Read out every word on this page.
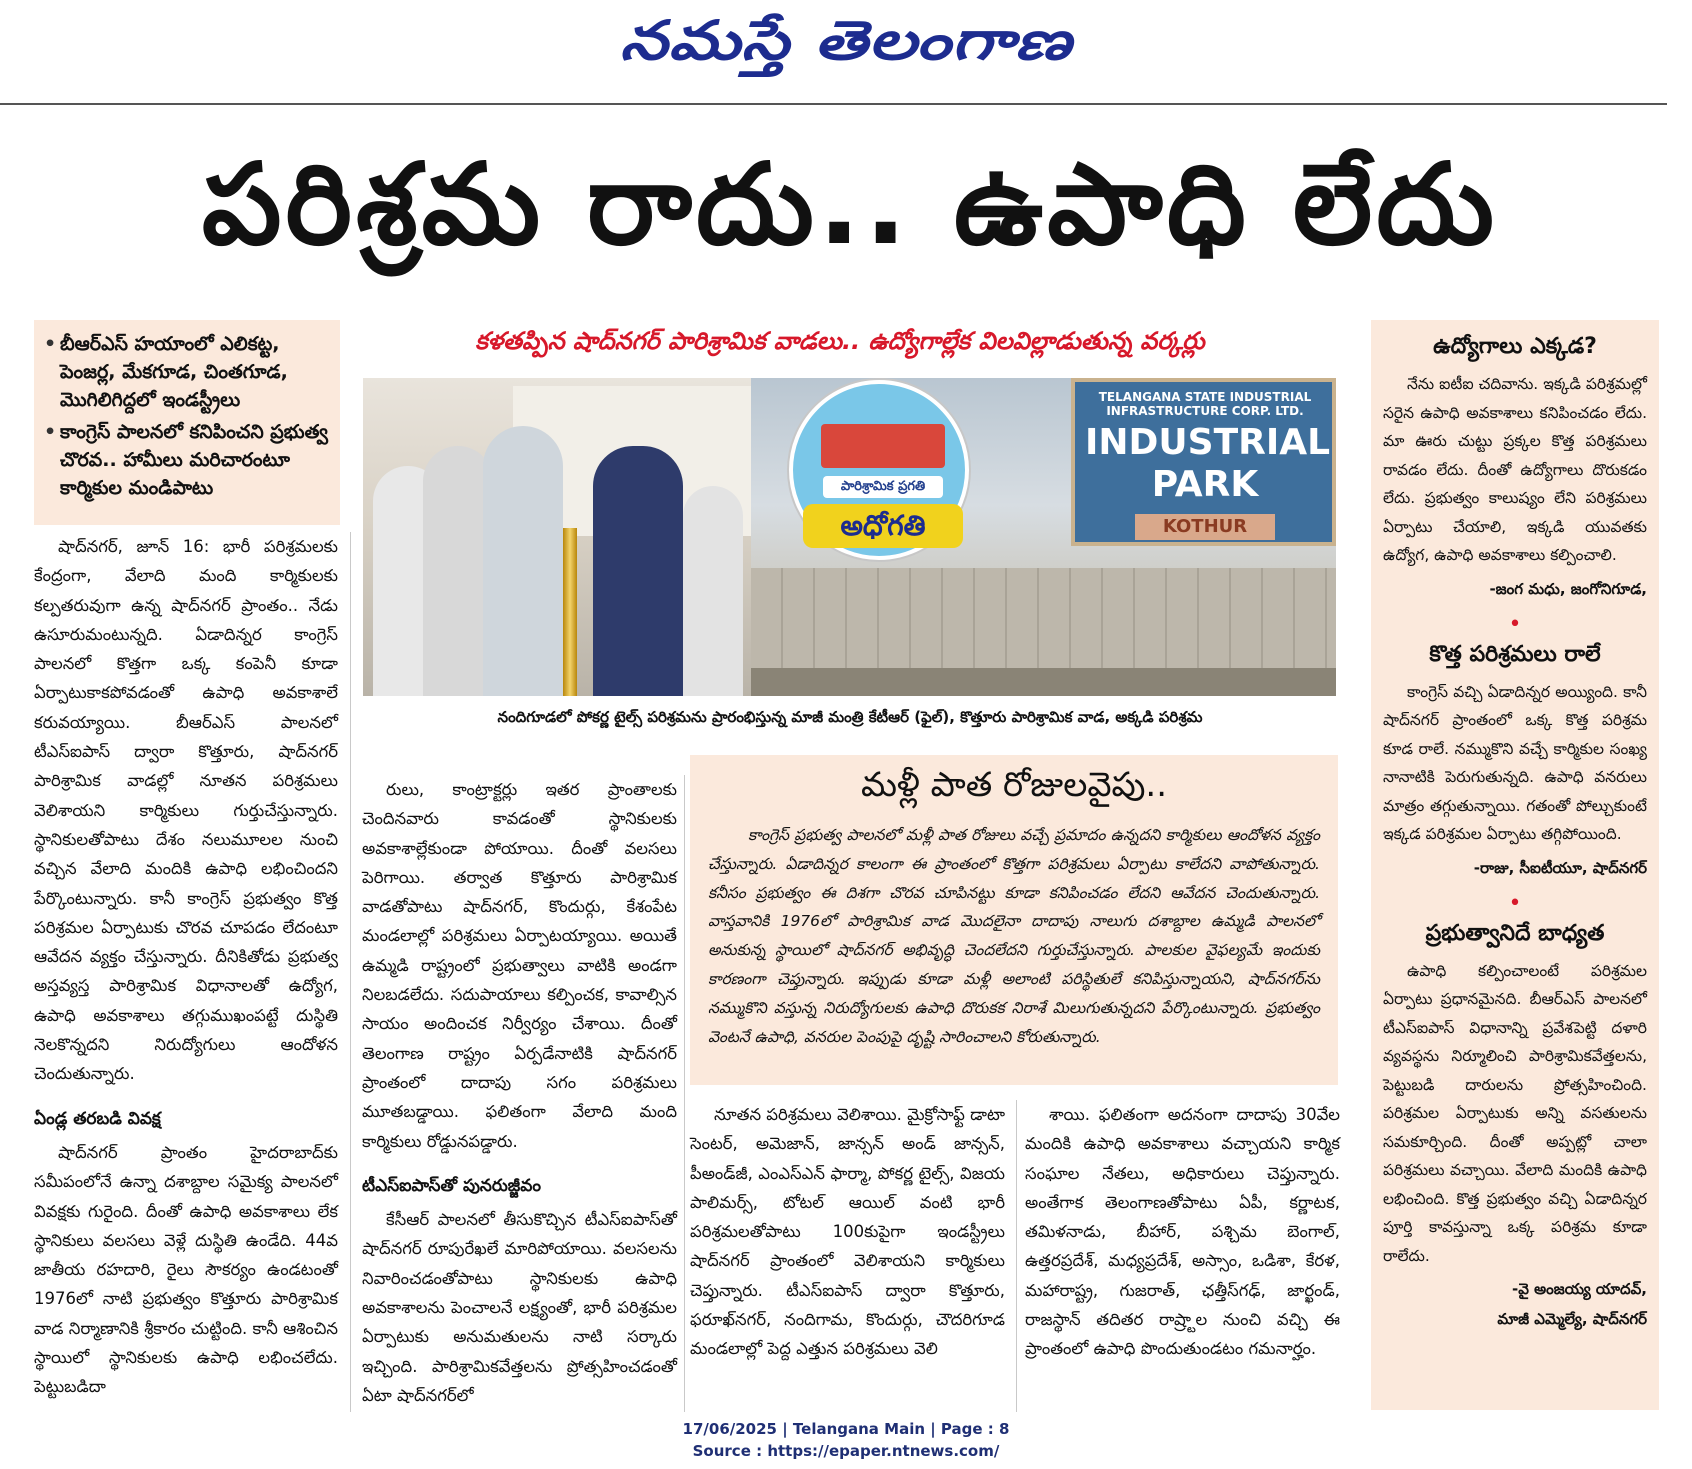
నమస్తే తెలంగాణ
పరిశ్రమ రాదు.. ఉపాధి లేదు
• బీఆర్ఎస్ హయాంలో ఎలికట్ట, పెంజర్ల, మేకగూడ, చింతగూడ, మొగిలిగిద్దలో ఇండస్ట్రీలు
• కాంగ్రెస్ పాలనలో కనిపించని ప్రభుత్వ చొరవ.. హామీలు మరిచారంటూ కార్మికుల మండిపాటు
కళతప్పిన షాద్‌నగర్ పారిశ్రామిక వాడలు.. ఉద్యోగాల్లేక విలవిల్లాడుతున్న వర్కర్లు
TELANGANA STATE INDUSTRIAL INFRASTRUCTURE CORP. LTD.
INDUSTRIAL PARK
KOTHUR
పారిశ్రామిక ప్రగతి
అధోగతి
నందిగూడలో పోకర్ణ టైల్స్ పరిశ్రమను ప్రారంభిస్తున్న మాజీ మంత్రి కేటీఆర్ (ఫైల్), కొత్తూరు పారిశ్రామిక వాడ, అక్కడి పరిశ్రమ

షాద్‌నగర్, జూన్ 16: భారీ పరిశ్రమలకు కేంద్రంగా, వేలాది మంది కార్మికులకు కల్పతరువుగా ఉన్న షాద్‌నగర్ ప్రాంతం.. నేడు ఉసూరుమంటున్నది. ఏడాదిన్నర కాంగ్రెస్ పాలనలో కొత్తగా ఒక్క కంపెనీ కూడా ఏర్పాటుకాకపోవడంతో ఉపాధి అవకాశాలే కరువయ్యాయి. బీఆర్ఎస్ పాలనలో టీఎస్ఐపాస్ ద్వారా కొత్తూరు, షాద్‌నగర్ పారిశ్రామిక వాడల్లో నూతన పరిశ్రమలు వెలిశాయని కార్మికులు గుర్తుచేస్తున్నారు. స్థానికులతోపాటు దేశం నలుమూలల నుంచి వచ్చిన వేలాది మందికి ఉపాధి లభించిందని పేర్కొంటున్నారు. కానీ కాంగ్రెస్ ప్రభుత్వం కొత్త పరిశ్రమల ఏర్పాటుకు చొరవ చూపడం లేదంటూ ఆవేదన వ్యక్తం చేస్తున్నారు. దీనికితోడు ప్రభుత్వ అస్తవ్యస్త పారిశ్రామిక విధానాలతో ఉద్యోగ, ఉపాధి అవకాశాలు తగ్గుముఖంపట్టే దుస్థితి నెలకొన్నదని నిరుద్యోగులు ఆందోళన చెందుతున్నారు.

ఏండ్ల తరబడి వివక్ష

షాద్‌నగర్ ప్రాంతం హైదరాబాద్‌కు సమీపంలోనే ఉన్నా దశాబ్దాల సమైక్య పాలనలో వివక్షకు గురైంది. దీంతో ఉపాధి అవకాశాలు లేక స్థానికులు వలసలు వెళ్లే దుస్థితి ఉండేది. 44వ జాతీయ రహదారి, రైలు సౌకర్యం ఉండటంతో 1976లో నాటి ప్రభుత్వం కొత్తూరు పారిశ్రామిక వాడ నిర్మాణానికి శ్రీకారం చుట్టింది. కానీ ఆశించిన స్థాయిలో స్థానికులకు ఉపాధి లభించలేదు. పెట్టుబడిదా

రులు, కాంట్రాక్టర్లు ఇతర ప్రాంతాలకు చెందినవారు కావడంతో స్థానికులకు అవకాశాల్లేకుండా పోయాయి. దీంతో వలసలు పెరిగాయి. తర్వాత కొత్తూరు పారిశ్రామిక వాడతోపాటు షాద్‌నగర్, కొందుర్గు, కేశంపేట మండలాల్లో పరిశ్రమలు ఏర్పాటయ్యాయి. అయితే ఉమ్మడి రాష్ట్రంలో ప్రభుత్వాలు వాటికి అండగా నిలబడలేదు. సదుపాయాలు కల్పించక, కావాల్సిన సాయం అందించక నిర్వీర్యం చేశాయి. దీంతో తెలంగాణ రాష్ట్రం ఏర్పడేనాటికి షాద్‌నగర్ ప్రాంతంలో దాదాపు సగం పరిశ్రమలు మూతబడ్డాయి. ఫలితంగా వేలాది మంది కార్మికులు రోడ్డునపడ్డారు.

టీఎస్ఐపాస్‌తో పునరుజ్జీవం

కేసీఆర్ పాలనలో తీసుకొచ్చిన టీఎస్ఐపాస్‌తో షాద్‌నగర్ రూపురేఖలే మారిపోయాయి. వలసలను నివారించడంతోపాటు స్థానికులకు ఉపాధి అవకాశాలను పెంచాలనే లక్ష్యంతో, భారీ పరిశ్రమల ఏర్పాటుకు అనుమతులను నాటి సర్కారు ఇచ్చింది. పారిశ్రామికవేత్తలను ప్రోత్సహించడంతో ఏటా షాద్‌నగర్‌లో

మళ్లీ పాత రోజులవైపు..

కాంగ్రెస్ ప్రభుత్వ పాలనలో మళ్లీ పాత రోజులు వచ్చే ప్రమాదం ఉన్నదని కార్మికులు ఆందోళన వ్యక్తం చేస్తున్నారు. ఏడాదిన్నర కాలంగా ఈ ప్రాంతంలో కొత్తగా పరిశ్రమలు ఏర్పాటు కాలేదని వాపోతున్నారు. కనీసం ప్రభుత్వం ఈ దిశగా చొరవ చూపినట్టు కూడా కనిపించడం లేదని ఆవేదన చెందుతున్నారు. వాస్తవానికి 1976లో పారిశ్రామిక వాడ మొదలైనా దాదాపు నాలుగు దశాబ్దాల ఉమ్మడి పాలనలో అనుకున్న స్థాయిలో షాద్‌నగర్ అభివృద్ధి చెందలేదని గుర్తుచేస్తున్నారు. పాలకుల వైఫల్యమే ఇందుకు కారణంగా చెప్తున్నారు. ఇప్పుడు కూడా మళ్లీ అలాంటి పరిస్థితులే కనిపిస్తున్నాయని, షాద్‌నగర్‌ను నమ్ముకొని వస్తున్న నిరుద్యోగులకు ఉపాధి దొరుకక నిరాశే మిలుగుతున్నదని పేర్కొంటున్నారు. ప్రభుత్వం వెంటనే ఉపాధి, వనరుల పెంపుపై దృష్టి సారించాలని కోరుతున్నారు.

నూతన పరిశ్రమలు వెలిశాయి. మైక్రోసాఫ్ట్ డాటా సెంటర్, అమెజాన్, జాన్సన్ అండ్ జాన్సన్, పీఅండ్‌జీ, ఎంఎస్ఎన్ ఫార్మా, పోకర్ణ టైల్స్, విజయ పాలిమర్స్, టోటల్ ఆయిల్ వంటి భారీ పరిశ్రమలతోపాటు 100కుపైగా ఇండస్ట్రీలు షాద్‌నగర్ ప్రాంతంలో వెలిశాయని కార్మికులు చెప్తున్నారు. టీఎస్ఐపాస్ ద్వారా కొత్తూరు, ఫరూఖ్‌నగర్, నందిగామ, కొందుర్గు, చౌదరిగూడ మండలాల్లో పెద్ద ఎత్తున పరిశ్రమలు వెలి

శాయి. ఫలితంగా అదనంగా దాదాపు 30వేల మందికి ఉపాధి అవకాశాలు వచ్చాయని కార్మిక సంఘాల నేతలు, అధికారులు చెప్తున్నారు. అంతేగాక తెలంగాణతోపాటు ఏపీ, కర్ణాటక, తమిళనాడు, బీహార్, పశ్చిమ బెంగాల్, ఉత్తరప్రదేశ్, మధ్యప్రదేశ్, అస్సాం, ఒడిశా, కేరళ, మహారాష్ట్ర, గుజరాత్, ఛత్తీస్‌గఢ్, జార్ఖండ్, రాజస్థాన్ తదితర రాష్ర్టాల నుంచి వచ్చి ఈ ప్రాంతంలో ఉపాధి పొందుతుండటం గమనార్హం.

ఉద్యోగాలు ఎక్కడ?

నేను ఐటీఐ చదివాను. ఇక్కడి పరిశ్రమల్లో సరైన ఉపాధి అవకాశాలు కనిపించడం లేదు. మా ఊరు చుట్టు ప్రక్కల కొత్త పరిశ్రమలు రావడం లేదు. దీంతో ఉద్యోగాలు దొరుకడం లేదు. ప్రభుత్వం కాలుష్యం లేని పరిశ్రమలు ఏర్పాటు చేయాలి, ఇక్కడి యువతకు ఉద్యోగ, ఉపాధి అవకాశాలు కల్పించాలి.

-జంగ మధు, జంగోనిగూడ,
•
కొత్త పరిశ్రమలు రాలే

కాంగ్రెస్ వచ్చి ఏడాదిన్నర అయ్యింది. కానీ షాద్‌నగర్ ప్రాంతంలో ఒక్క కొత్త పరిశ్రమ కూడ రాలే. నమ్ముకొని వచ్చే కార్మికుల సంఖ్య నానాటికి పెరుగుతున్నది. ఉపాధి వనరులు మాత్రం తగ్గుతున్నాయి. గతంతో పోల్చుకుంటే ఇక్కడ పరిశ్రమల ఏర్పాటు తగ్గిపోయింది.

-రాజు, సీఐటీయూ, షాద్‌నగర్
•
ప్రభుత్వానిదే బాధ్యత

ఉపాధి కల్పించాలంటే పరిశ్రమల ఏర్పాటు ప్రధానమైనది. బీఆర్ఎస్ పాలనలో టీఎస్ఐపాస్ విధానాన్ని ప్రవేశపెట్టి దళారి వ్యవస్థను నిర్మూలించి పారిశ్రామికవేత్తలను, పెట్టుబడి దారులను ప్రోత్సహించింది. పరిశ్రమల ఏర్పాటుకు అన్ని వసతులను సమకూర్చింది. దీంతో అప్పట్లో చాలా పరిశ్రమలు వచ్చాయి. వేలాది మందికి ఉపాధి లభించింది. కొత్త ప్రభుత్వం వచ్చి ఏడాదిన్నర పూర్తి కావస్తున్నా ఒక్క పరిశ్రమ కూడా రాలేదు.

-వై అంజయ్య యాదవ్,
మాజీ ఎమ్మెల్యే, షాద్‌నగర్
17/06/2025 | Telangana Main | Page : 8
Source : https://epaper.ntnews.com/
